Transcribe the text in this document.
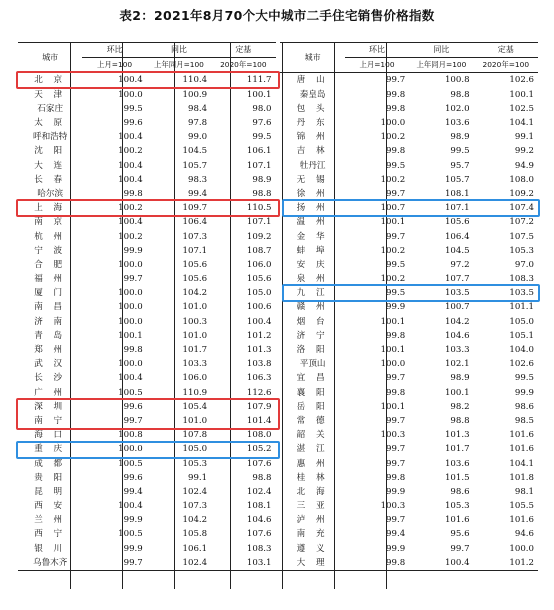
表2：2021年8月70个大中城市二手住宅销售价格指数
城市	环比	同比	定基		城市	环比	同比	定基
	上月=100	上年同月=100	2020年=100			上月=100	上年同月=100	2020年=100
北 京	100.4	110.4	111.7		唐 山	99.7	100.8	102.6
天 津	100.0	100.9	100.1		秦皇岛	99.8	98.8	100.1
石家庄	99.5	98.4	98.0		包 头	99.8	102.0	102.5
太 原	99.6	97.8	97.6		丹 东	100.0	103.6	104.1
呼和浩特	100.4	99.0	99.5		锦 州	100.2	98.9	99.1
沈 阳	100.2	104.5	106.1		吉 林	99.8	99.5	99.2
大 连	100.4	105.7	107.1		牡丹江	99.5	95.7	94.9
长 春	100.4	98.3	98.9		无 锡	100.2	105.7	108.0
哈尔滨	99.8	99.4	98.8		徐 州	99.7	108.1	109.2
上 海	100.2	109.7	110.5		扬 州	100.7	107.1	107.4
南 京	100.4	106.4	107.1		温 州	100.1	105.6	107.2
杭 州	100.2	107.3	109.2		金 华	99.7	106.4	107.5
宁 波	99.9	107.1	108.7		蚌 埠	100.2	104.5	105.3
合 肥	100.0	105.6	106.0		安 庆	99.5	97.2	97.0
福 州	99.7	105.6	105.6		泉 州	100.2	107.7	108.3
厦 门	100.0	104.2	105.0		九 江	99.5	103.5	103.5
南 昌	100.0	101.0	100.6		赣 州	99.9	100.7	101.1
济 南	100.0	100.3	100.4		烟 台	100.1	104.2	105.0
青 岛	100.1	101.0	101.2		济 宁	99.8	104.6	105.1
郑 州	99.8	101.7	101.3		洛 阳	100.1	103.3	104.0
武 汉	100.0	103.3	103.8		平顶山	100.0	102.1	102.6
长 沙	100.4	106.0	106.3		宜 昌	99.7	98.9	99.5
广 州	100.5	110.9	112.6		襄 阳	99.8	100.1	99.9
深 圳	99.6	105.4	107.9		岳 阳	100.1	98.2	98.6
南 宁	99.7	101.0	101.4		常 德	99.7	98.8	98.5
海 口	100.8	107.8	108.0		韶 关	100.3	101.3	101.6
重 庆	100.0	105.0	105.2		湛 江	99.7	101.7	101.6
成 都	100.5	105.3	107.6		惠 州	99.7	103.6	104.1
贵 阳	99.6	99.1	98.8		桂 林	99.8	101.5	101.8
昆 明	99.4	102.4	102.4		北 海	99.9	98.6	98.1
西 安	100.4	107.3	108.1		三 亚	100.3	105.3	105.5
兰 州	99.9	104.2	104.6		泸 州	99.7	101.6	101.6
西 宁	100.5	105.8	107.6		南 充	99.4	95.6	94.6
银 川	99.9	106.1	108.3		遵 义	99.9	99.7	100.0
乌鲁木齐	99.7	102.4	103.1		大 理	99.8	100.4	101.2
